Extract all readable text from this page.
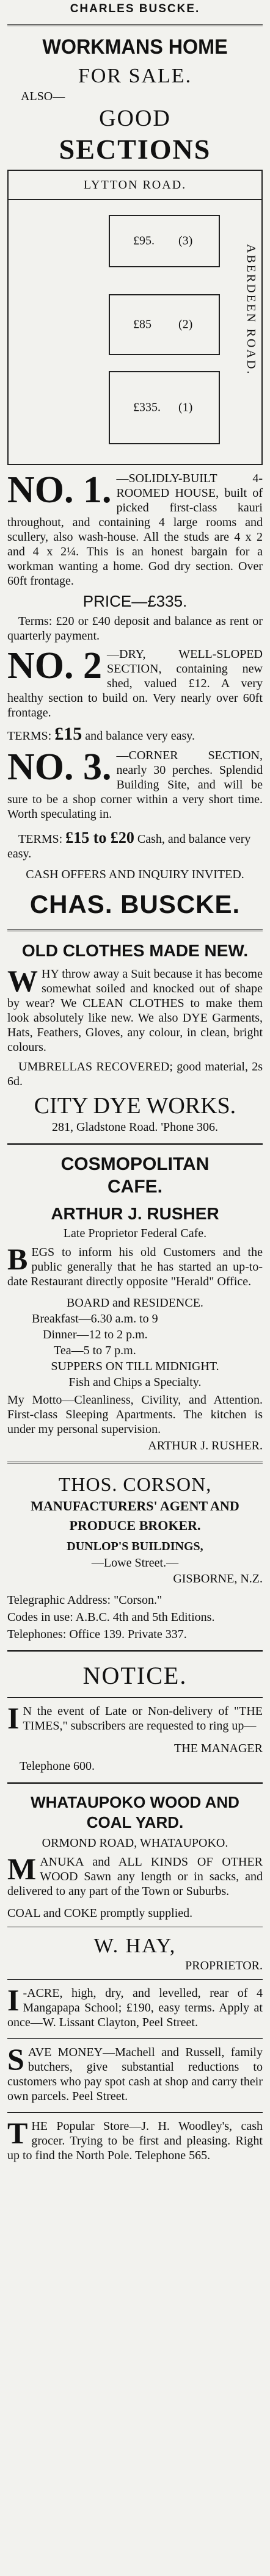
CHARLES BUSCKE.
WORKMANS HOME
FOR SALE.
ALSO—
GOOD
SECTIONS
LYTTON ROAD.
£95. (3)
£85 (2)
£335. (1)
ABERDEEN ROAD.
NO. 1. —SOLIDLY-BUILT 4-ROOMED HOUSE, built of picked first-class kauri throughout, and containing 4 large rooms and scullery, also wash-house. All the studs are 4 x 2 and 4 x 2¼. This is an honest bargain for a workman wanting a home. God dry section. Over 60ft frontage.

PRICE—£335.

Terms: £20 or £40 deposit and balance as rent or quarterly payment.

NO. 2 —DRY, WELL-SLOPED SECTION, containing new shed, valued £12. A very healthy section to build on. Very nearly over 60ft frontage.

TERMS: £15 and balance very easy.
NO. 3. —CORNER SECTION, nearly 30 perches. Splendid Building Site, and will be sure to be a shop corner within a very short time. Worth speculating in.

TERMS: £15 to £20 Cash, and balance very easy.
CASH OFFERS AND INQUIRY INVITED.
CHAS. BUSCKE.
OLD CLOTHES MADE NEW.
W HY throw away a Suit because it has become somewhat soiled and knocked out of shape by wear? We CLEAN CLOTHES to make them look absolutely like new. We also DYE Garments, Hats, Feathers, Gloves, any colour, in clean, bright colours.

UMBRELLAS RECOVERED; good material, 2s 6d.

CITY DYE WORKS.
281, Gladstone Road. 'Phone 306.
COSMOPOLITAN
CAFE.
ARTHUR J. RUSHER
Late Proprietor Federal Cafe.
B EGS to inform his old Customers and the public generally that he has started an up-to-date Restaurant directly opposite "Herald" Office.

BOARD and RESIDENCE.
Breakfast—6.30 a.m. to 9
Dinner—12 to 2 p.m.
Tea—5 to 7 p.m.
SUPPERS ON TILL MIDNIGHT.
Fish and Chips a Specialty.

My Motto—Cleanliness, Civility, and Attention. First-class Sleeping Apartments. The kitchen is under my personal supervision.

ARTHUR J. RUSHER.
THOS. CORSON,
MANUFACTURERS' AGENT AND
PRODUCE BROKER.
DUNLOP'S BUILDINGS,
—Lowe Street.—
GISBORNE, N.Z.

Telegraphic Address: "Corson."

Codes in use: A.B.C. 4th and 5th Editions.

Telephones: Office 139. Private 337.

NOTICE.
I N the event of Late or Non-delivery of "THE TIMES," subscribers are requested to ring up—

THE MANAGER
Telephone 600.
WHATAUPOKO WOOD AND
COAL YARD.
ORMOND ROAD, WHATAUPOKO.
M ANUKA and ALL KINDS OF OTHER WOOD Sawn any length or in sacks, and delivered to any part of the Town or Suburbs.

COAL and COKE promptly supplied.

W. HAY,
PROPRIETOR.
I -ACRE, high, dry, and levelled, rear of 4 Mangapapa School; £190, easy terms. Apply at once—W. Lissant Clayton, Peel Street.

S AVE MONEY—Machell and Russell, family butchers, give substantial reductions to customers who pay spot cash at shop and carry their own parcels. Peel Street.

T HE Popular Store—J. H. Woodley's, cash grocer. Trying to be first and pleasing. Right up to find the North Pole. Telephone 565.
